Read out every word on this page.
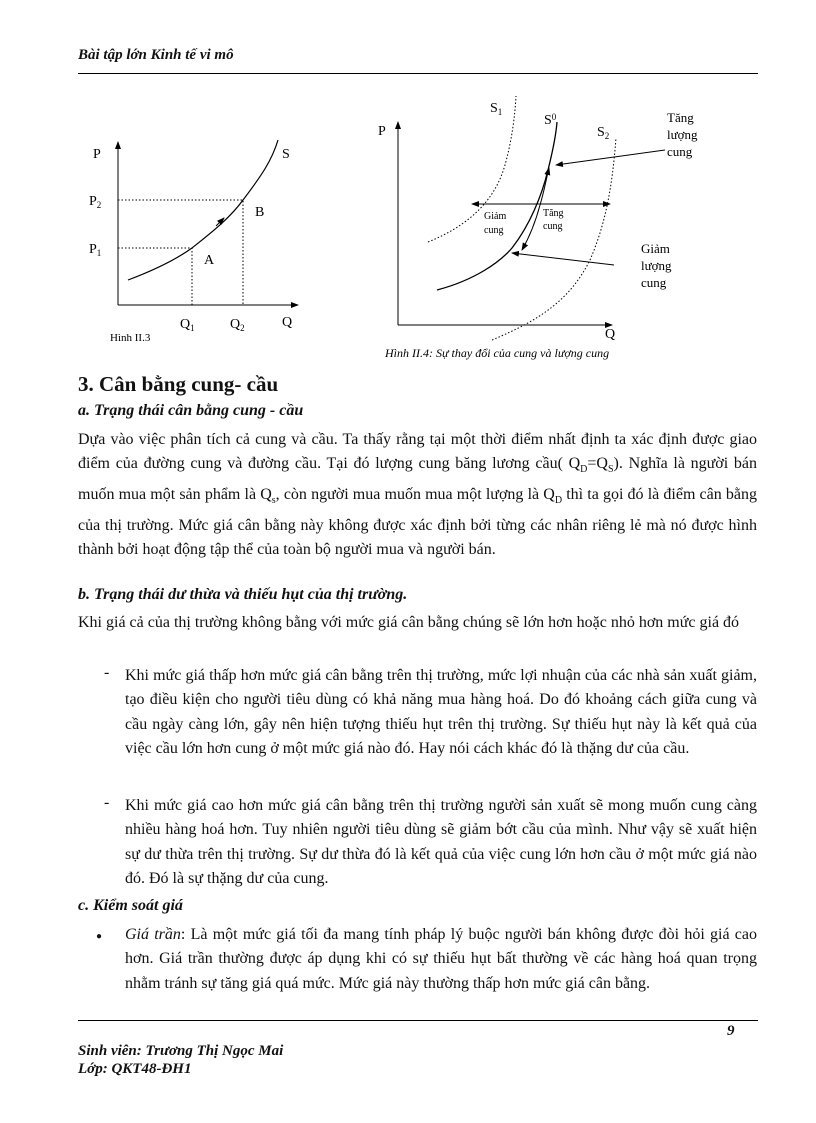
Bài tập lớn Kinh tế vi mô
P
$P_2$
$P_1$
S
B
A
$Q_1$	$Q_2$	Q
Hình II.3
P
Q
$S_1$
$S^0$
$S_2$
Giảm cung
Tăng cung
Tăng lượng cung
Giảm lượng cung
Hình II.4: Sự thay đổi của cung và lượng cung
3. Cân bằng cung- cầu
a. Trạng thái cân bằng cung - cầu
Dựa vào việc phân tích cả cung và cầu. Ta thấy rằng tại một thời điểm nhất định ta xác định được giao điểm của đường cung và đường cầu. Tại đó lượng cung băng lương cầu( $Q_D=Q_S$). Nghĩa là người bán muốn mua một sản phẩm là $Q_s$, còn người mua muốn mua một lượng là $Q_D$ thì ta gọi đó là điểm cân bằng của thị trường. Mức giá cân bằng này không được xác định bởi từng các nhân riêng lẻ mà nó được hình thành bởi hoạt động tập thể của toàn bộ người mua và người bán.
b. Trạng thái dư thừa và thiếu hụt của thị trường.
Khi giá cả của thị trường không bằng với mức giá cân bằng chúng sẽ lớn hơn hoặc nhỏ hơn mức giá đó
- Khi mức giá thấp hơn mức giá cân bằng trên thị trường, mức lợi nhuận của các nhà sản xuất giảm, tạo điều kiện cho người tiêu dùng có khả năng mua hàng hoá. Do đó khoảng cách giữa cung và cầu ngày càng lớn, gây nên hiện tượng thiếu hụt trên thị trường. Sự thiếu hụt này là kết quả của việc cầu lớn hơn cung ở một mức giá nào đó. Hay nói cách khác đó là thặng dư của cầu.
- Khi mức giá cao hơn mức giá cân bằng trên thị trường người sản xuất sẽ mong muốn cung càng nhiều hàng hoá hơn. Tuy nhiên người tiêu dùng sẽ giảm bớt cầu của mình. Như vậy sẽ xuất hiện sự dư thừa trên thị trường. Sự dư thừa đó là kết quả của việc cung lớn hơn cầu ở một mức giá nào đó. Đó là sự thặng dư của cung.
c. Kiểm soát giá
● Giá trần: Là một mức giá tối đa mang tính pháp lý buộc người bán không được đòi hỏi giá cao hơn. Giá trần thường được áp dụng khi có sự thiếu hụt bất thường về các hàng hoá quan trọng nhằm tránh sự tăng giá quá mức. Mức giá này thường thấp hơn mức giá cân bằng.
9
Sinh viên: Trương Thị Ngọc Mai
Lớp: QKT48-ĐH1
